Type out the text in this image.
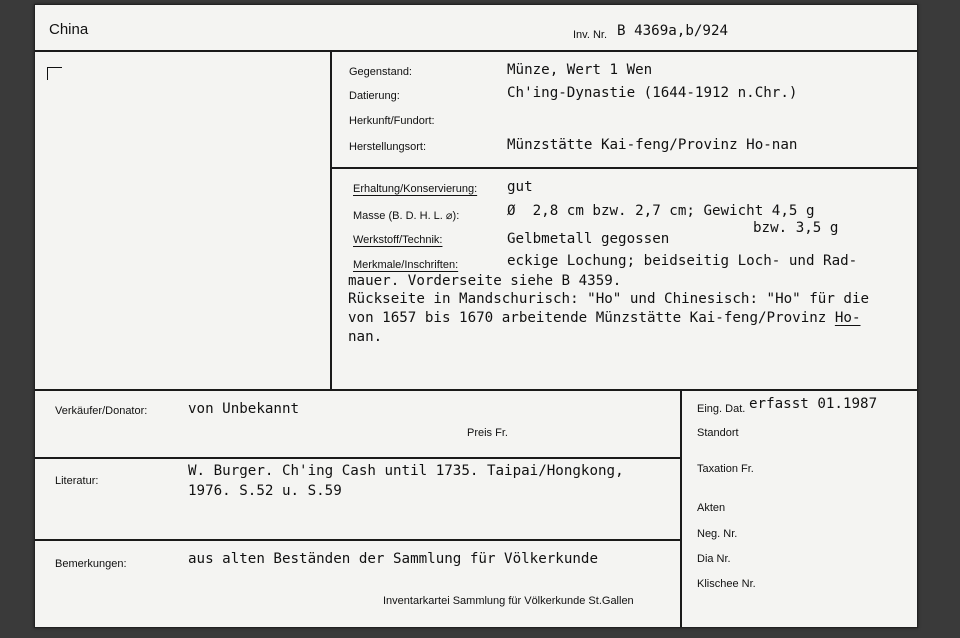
China	Inv. Nr. B 4369a,b/924
Gegenstand:	Münze, Wert 1 Wen
Datierung:	Ch'ing-Dynastie (1644-1912 n.Chr.)
Herkunft/Fundort:
Herstellungsort:	Münzstätte Kai-feng/Provinz Ho-nan
Erhaltung/Konservierung: gut
Masse (B. D. H. L. ⌀):	Ø  2,8 cm bzw. 2,7 cm; Gewicht 4,5 g
bzw. 3,5 g
Werkstoff/Technik:	Gelbmetall gegossen
Merkmale/Inschriften:	eckige Lochung; beidseitig Loch- und Rad-
mauer. Vorderseite siehe B 4359.
Rückseite in Mandschurisch: "Ho" und Chinesisch: "Ho" für die
von 1657 bis 1670 arbeitende Münzstätte Kai-feng/Provinz Ho-
nan.
Eing. Dat. erfasst 01.1987
Standort
Taxation Fr.
Akten
Neg. Nr.
Dia Nr.
Klischee Nr.
Verkäufer/Donator:	von Unbekannt
Preis Fr.
Literatur:
W. Burger. Ch'ing Cash until 1735. Taipai/Hongkong,
1976. S.52 u. S.59
Bemerkungen:	aus alten Beständen der Sammlung für Völkerkunde
Inventarkartei Sammlung für Völkerkunde St.Gallen
